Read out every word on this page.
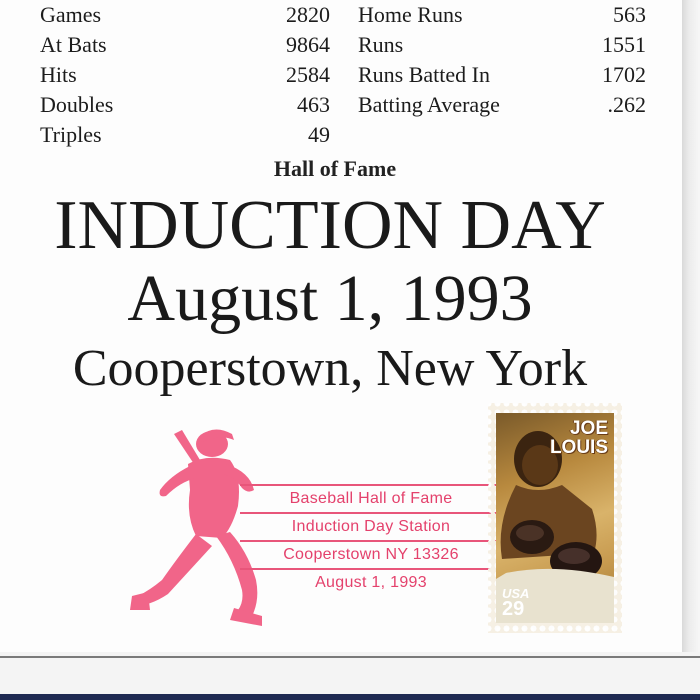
Games	2820
At Bats	9864
Hits	2584
Doubles	463
Triples	49
Home Runs	563
Runs	1551
Runs Batted In	1702
Batting Average	.262
Hall of Fame
INDUCTION DAY
August 1, 1993
Cooperstown, New York
Baseball Hall of Fame
Induction Day Station
Cooperstown NY 13326
August 1, 1993
JOE
LOUIS
USA
29
